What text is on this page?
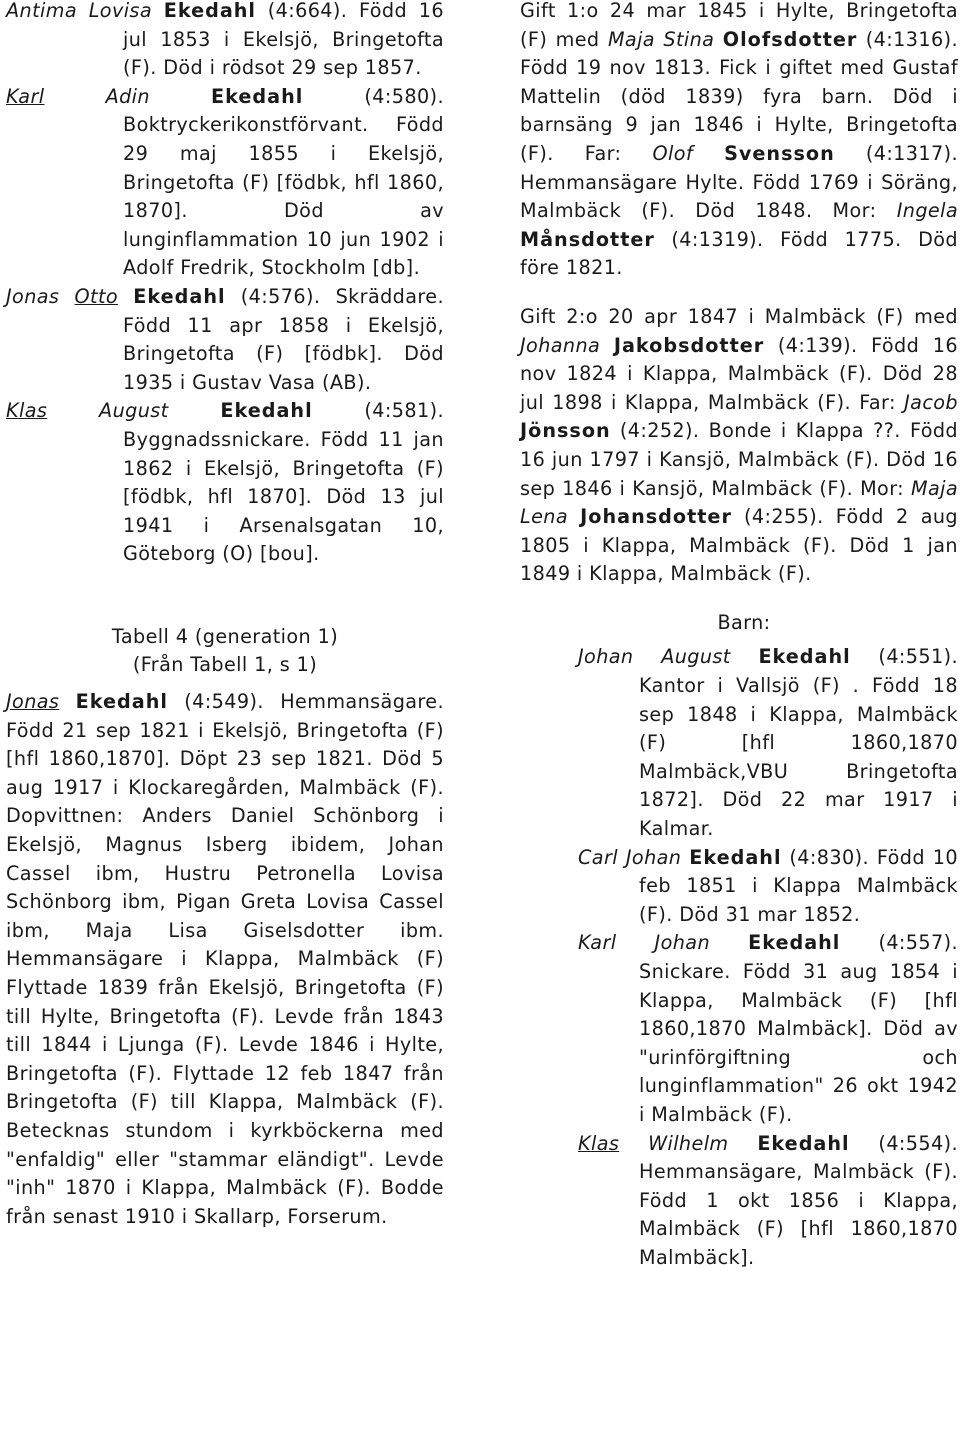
Antima Lovisa Ekedahl (4:664). Född 16 jul 1853 i Ekelsjö, Bringetofta (F). Död i rödsot 29 sep 1857.

Karl	Adin	Ekedahl (4:580). Boktryckerikonstförvant. Född 29 maj 1855 i Ekelsjö, Bringetofta (F) [födbk, hfl 1860, 1870]. Död av lunginflammation 10 jun 1902 i Adolf Fredrik, Stockholm [db].

Jonas Otto Ekedahl (4:576). Skräddare. Född 11 apr 1858 i Ekelsjö, Bringetofta (F) [födbk]. Död 1935 i Gustav Vasa (AB).

Klas	August	Ekedahl (4:581). Byggnadssnickare. Född 11 jan 1862 i Ekelsjö, Bringetofta (F) [födbk, hfl 1870]. Död 13 jul 1941 i Arsenalsgatan 10, Göteborg (O) [bou].

Tabell 4 (generation 1)

(Från Tabell 1, s 1)

Jonas Ekedahl (4:549). Hemmansägare. Född 21 sep 1821 i Ekelsjö, Bringetofta (F) [hfl 1860,1870]. Döpt 23 sep 1821. Död 5 aug 1917 i Klockaregården, Malmbäck (F). Dopvittnen: Anders Daniel Schönborg i Ekelsjö, Magnus Isberg ibidem, Johan Cassel ibm, Hustru Petronella Lovisa Schönborg ibm, Pigan Greta Lovisa Cassel ibm, Maja Lisa Giselsdotter ibm. Hemmansägare i Klappa, Malmbäck (F) Flyttade 1839 från Ekelsjö, Bringetofta (F) till Hylte, Bringetofta (F). Levde från 1843 till 1844 i Ljunga (F). Levde 1846 i Hylte, Bringetofta (F). Flyttade 12 feb 1847 från Bringetofta (F) till Klappa, Malmbäck (F). Betecknas stundom i kyrkböckerna med "enfaldig" eller "stammar eländigt". Levde "inh" 1870 i Klappa, Malmbäck (F). Bodde från senast 1910 i Skallarp, Forserum.

Gift 1:o 24 mar 1845 i Hylte, Bringetofta (F) med Maja Stina Olofsdotter (4:1316). Född 19 nov 1813. Fick i giftet med Gustaf Mattelin (död 1839) fyra barn. Död i barnsäng 9 jan 1846 i Hylte, Bringetofta (F). Far: Olof Svensson (4:1317). Hemmansägare Hylte. Född 1769 i Söräng, Malmbäck (F). Död 1848. Mor: Ingela Månsdotter (4:1319). Född 1775. Död före 1821.

Gift 2:o 20 apr 1847 i Malmbäck (F) med Johanna Jakobsdotter (4:139). Född 16 nov 1824 i Klappa, Malmbäck (F). Död 28 jul 1898 i Klappa, Malmbäck (F). Far: Jacob Jönsson (4:252). Bonde i Klappa ??. Född 16 jun 1797 i Kansjö, Malmbäck (F). Död 16 sep 1846 i Kansjö, Malmbäck (F). Mor: Maja Lena Johansdotter (4:255). Född 2 aug 1805 i Klappa, Malmbäck (F). Död 1 jan 1849 i Klappa, Malmbäck (F).

Barn:

Johan August Ekedahl (4:551). Kantor i Vallsjö (F) . Född 18 sep 1848 i Klappa, Malmbäck (F) [hfl 1860,1870 Malmbäck,VBU Bringetofta 1872]. Död 22 mar 1917 i Kalmar.

Carl Johan Ekedahl (4:830). Född 10 feb 1851 i Klappa Malmbäck (F). Död 31 mar 1852.

Karl Johan Ekedahl (4:557). Snickare. Född 31 aug 1854 i Klappa, Malmbäck (F) [hfl 1860,1870 Malmbäck]. Död av "urinförgiftning och lunginflammation" 26 okt 1942 i Malmbäck (F).

Klas Wilhelm Ekedahl (4:554). Hemmansägare, Malmbäck (F). Född 1 okt 1856 i Klappa, Malmbäck (F) [hfl 1860,1870 Malmbäck].
